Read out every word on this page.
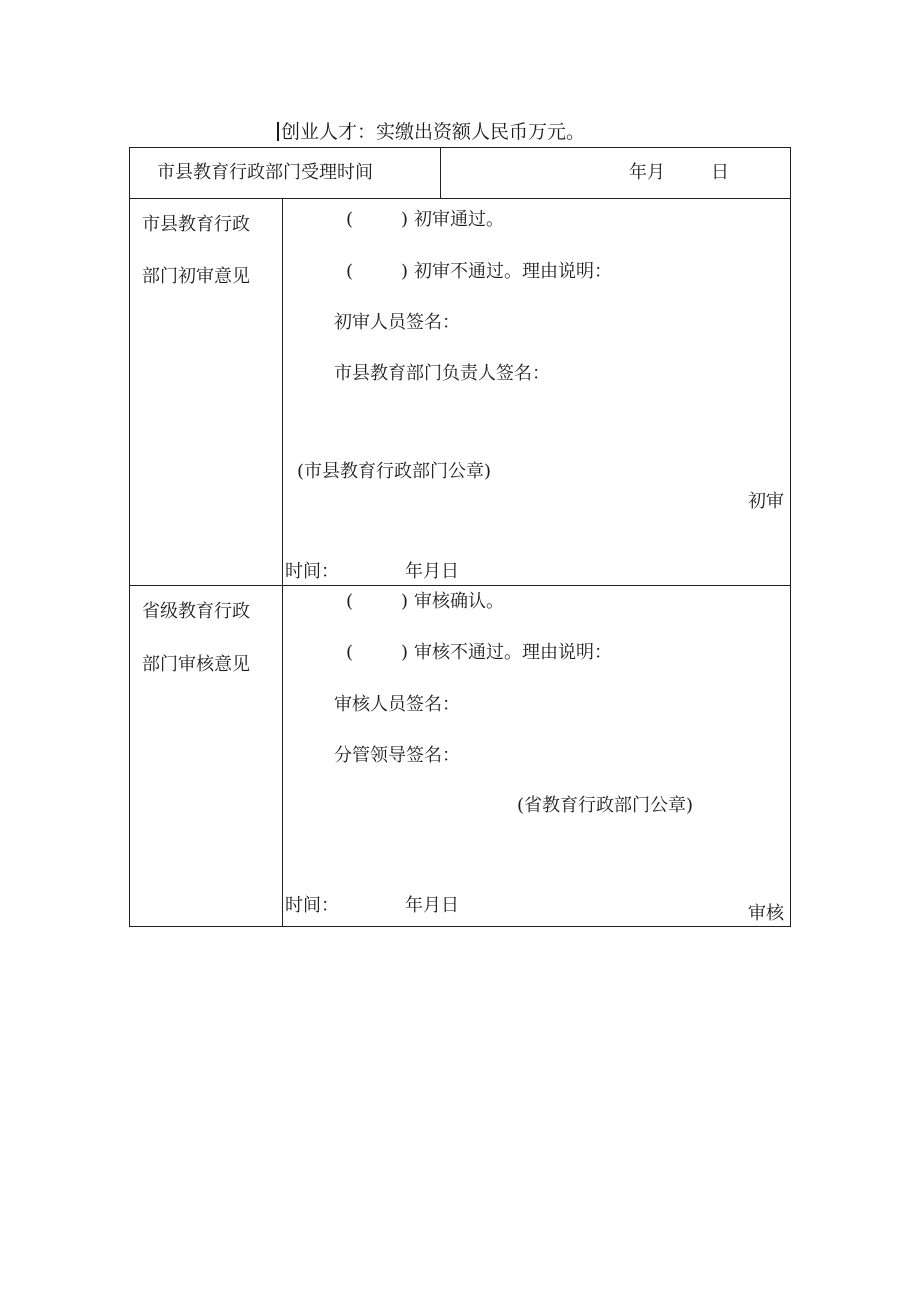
创业人才：实缴出资额人民币万元。
市县教育行政部门受理时间	年月	日
市县教育行政
部门初审意见
(	) 初审通过。
(	) 初审不通过。理由说明：
初审人员签名：
市县教育部门负责人签名：
(市县教育行政部门公章)
初审
时间：	年月日
省级教育行政
部门审核意见
(	) 审核确认。
(	) 审核不通过。理由说明：
审核人员签名：
分管领导签名：
(省教育行政部门公章)
时间：	年月日	审核
